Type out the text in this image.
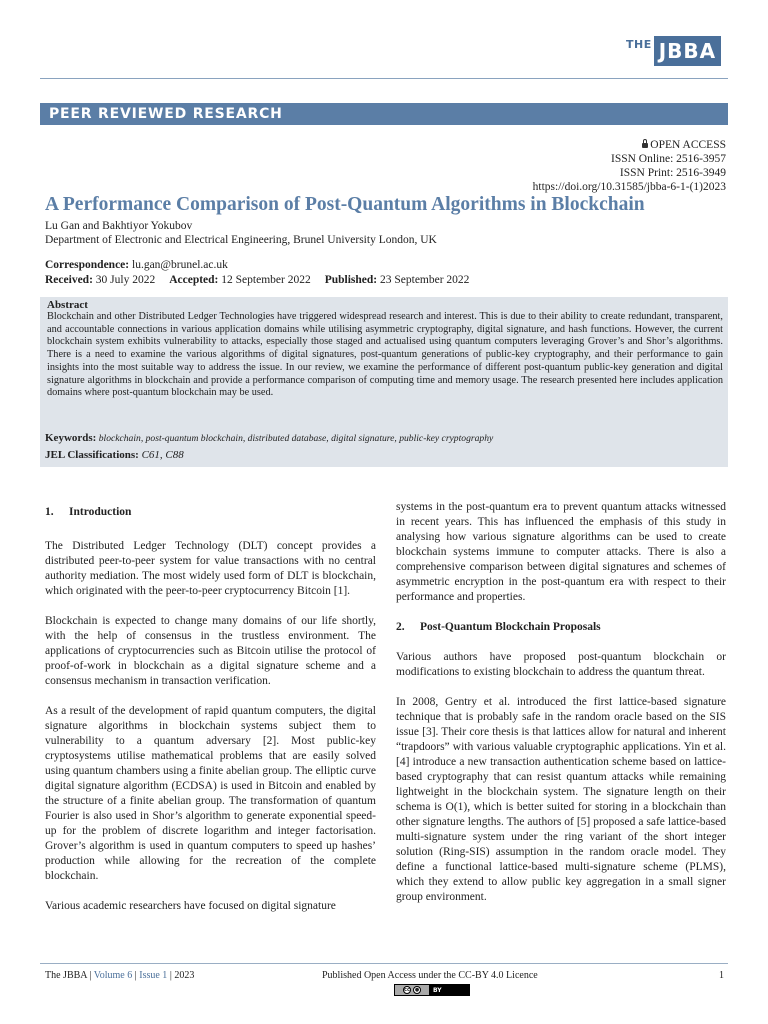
THE JBBA
PEER REVIEWED RESEARCH
OPEN ACCESS
ISSN Online: 2516-3957
ISSN Print: 2516-3949
https://doi.org/10.31585/jbba-6-1-(1)2023
A Performance Comparison of Post-Quantum Algorithms in Blockchain
Lu Gan and Bakhtiyor Yokubov
Department of Electronic and Electrical Engineering, Brunel University London, UK
Correspondence: lu.gan@brunel.ac.uk
Received: 30 July 2022 Accepted: 12 September 2022 Published: 23 September 2022
Abstract
Blockchain and other Distributed Ledger Technologies have triggered widespread research and interest. This is due to their ability to create redundant, transparent, and accountable connections in various application domains while utilising asymmetric cryptography, digital signature, and hash functions. However, the current blockchain system exhibits vulnerability to attacks, especially those staged and actualised using quantum computers leveraging Grover’s and Shor’s algorithms. There is a need to examine the various algorithms of digital signatures, post-quantum generations of public-key cryptography, and their performance to gain insights into the most suitable way to address the issue. In our review, we examine the performance of different post-quantum public-key generation and digital signature algorithms in blockchain and provide a performance comparison of computing time and memory usage. The research presented here includes application domains where post-quantum blockchain may be used.
Keywords: blockchain, post-quantum blockchain, distributed database, digital signature, public-key cryptography
JEL Classifications: C61, C88
1. Introduction

The Distributed Ledger Technology (DLT) concept provides a distributed peer-to-peer system for value transactions with no central authority mediation. The most widely used form of DLT is blockchain, which originated with the peer-to-peer cryptocurrency Bitcoin [1].

Blockchain is expected to change many domains of our life shortly, with the help of consensus in the trustless environment. The applications of cryptocurrencies such as Bitcoin utilise the protocol of proof-of-work in blockchain as a digital signature scheme and a consensus mechanism in transaction verification.

As a result of the development of rapid quantum computers, the digital signature algorithms in blockchain systems subject them to vulnerability to a quantum adversary [2]. Most public-key cryptosystems utilise mathematical problems that are easily solved using quantum chambers using a finite abelian group. The elliptic curve digital signature algorithm (ECDSA) is used in Bitcoin and enabled by the structure of a finite abelian group. The transformation of quantum Fourier is also used in Shor’s algorithm to generate exponential speed-up for the problem of discrete logarithm and integer factorisation. Grover’s algorithm is used in quantum computers to speed up hashes’ production while allowing for the recreation of the complete blockchain.

Various academic researchers have focused on digital signature

systems in the post-quantum era to prevent quantum attacks witnessed in recent years. This has influenced the emphasis of this study in analysing how various signature algorithms can be used to create blockchain systems immune to computer attacks. There is also a comprehensive comparison between digital signatures and schemes of asymmetric encryption in the post-quantum era with respect to their performance and properties.

2. Post-Quantum Blockchain Proposals

Various authors have proposed post-quantum blockchain or modifications to existing blockchain to address the quantum threat.

In 2008, Gentry et al. introduced the first lattice-based signature technique that is probably safe in the random oracle based on the SIS issue [3]. Their core thesis is that lattices allow for natural and inherent “trapdoors” with various valuable cryptographic applications. Yin et al. [4] introduce a new transaction authentication scheme based on lattice-based cryptography that can resist quantum attacks while remaining lightweight in the blockchain system. The signature length on their schema is O(1), which is better suited for storing in a blockchain than other signature lengths. The authors of [5] proposed a safe lattice-based multi-signature system under the ring variant of the short integer solution (Ring-SIS) assumption in the random oracle model. They define a functional lattice-based multi-signature scheme (PLMS), which they extend to allow public key aggregation in a small signer group environment.

The JBBA | Volume 6 | Issue 1 | 2023	Published Open Access under the CC-BY 4.0 Licence	1
cc ●	BY
